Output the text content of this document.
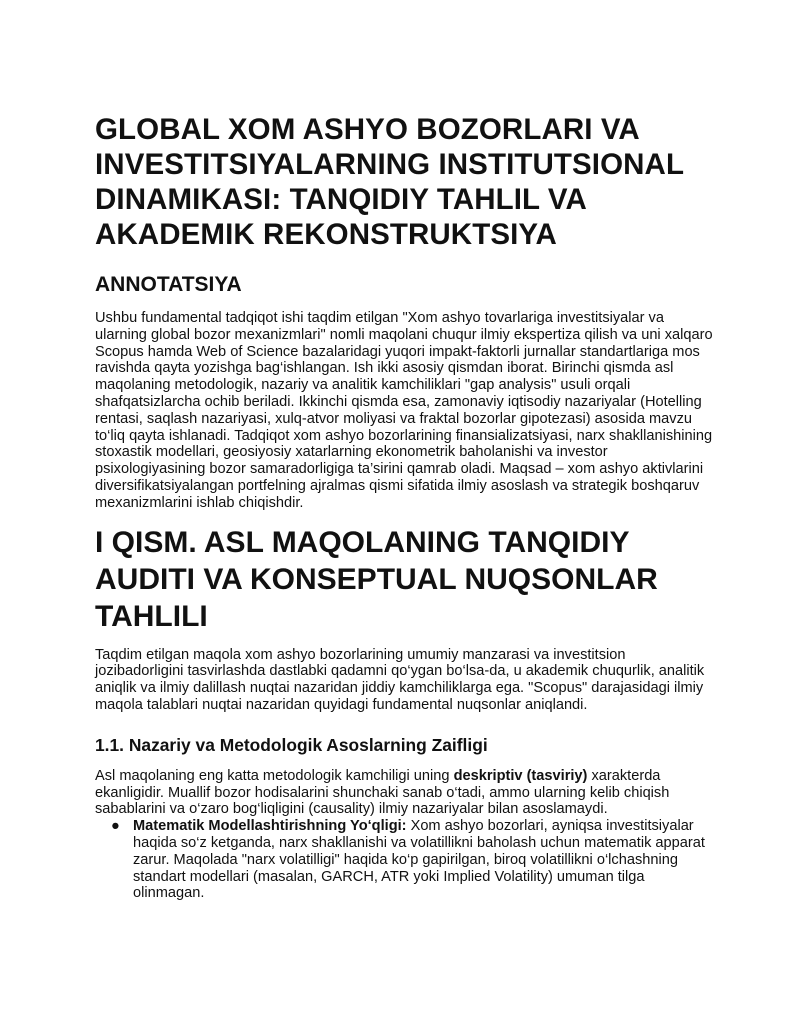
GLOBAL XOM ASHYO BOZORLARI VA INVESTITSIYALARNING INSTITUTSIONAL DINAMIKASI: TANQIDIY TAHLIL VA AKADEMIK REKONSTRUKTSIYA
ANNOTATSIYA

Ushbu fundamental tadqiqot ishi taqdim etilgan "Xom ashyo tovarlariga investitsiyalar va ularning global bozor mexanizmlari" nomli maqolani chuqur ilmiy ekspertiza qilish va uni xalqaro Scopus hamda Web of Science bazalaridagi yuqori impakt-faktorli jurnallar standartlariga mos ravishda qayta yozishga bag‘ishlangan. Ish ikki asosiy qismdan iborat. Birinchi qismda asl maqolaning metodologik, nazariy va analitik kamchiliklari "gap analysis" usuli orqali shafqatsizlarcha ochib beriladi. Ikkinchi qismda esa, zamonaviy iqtisodiy nazariyalar (Hotelling rentasi, saqlash nazariyasi, xulq-atvor moliyasi va fraktal bozorlar gipotezasi) asosida mavzu to‘liq qayta ishlanadi. Tadqiqot xom ashyo bozorlarining finansializatsiyasi, narx shakllanishining stoxastik modellari, geosiyosiy xatarlarning ekonometrik baholanishi va investor psixologiyasining bozor samaradorligiga ta’sirini qamrab oladi. Maqsad – xom ashyo aktivlarini diversifikatsiyalangan portfelning ajralmas qismi sifatida ilmiy asoslash va strategik boshqaruv mexanizmlarini ishlab chiqishdir.

I QISM. ASL MAQOLANING TANQIDIY AUDITI VA KONSEPTUAL NUQSONLAR TAHLILI

Taqdim etilgan maqola xom ashyo bozorlarining umumiy manzarasi va investitsion jozibadorligini tasvirlashda dastlabki qadamni qo‘ygan bo‘lsa-da, u akademik chuqurlik, analitik aniqlik va ilmiy dalillash nuqtai nazaridan jiddiy kamchiliklarga ega. "Scopus" darajasidagi ilmiy maqola talablari nuqtai nazaridan quyidagi fundamental nuqsonlar aniqlandi.

1.1. Nazariy va Metodologik Asoslarning Zaifligi

Asl maqolaning eng katta metodologik kamchiligi uning deskriptiv (tasviriy) xarakterda ekanligidir. Muallif bozor hodisalarini shunchaki sanab o‘tadi, ammo ularning kelib chiqish sabablarini va o‘zaro bog‘liqligini (causality) ilmiy nazariyalar bilan asoslamaydi.

● Matematik Modellashtirishning Yo‘qligi: Xom ashyo bozorlari, ayniqsa investitsiyalar haqida so‘z ketganda, narx shakllanishi va volatillikni baholash uchun matematik apparat zarur. Maqolada "narx volatilligi" haqida ko‘p gapirilgan, biroq volatillikni o‘lchashning standart modellari (masalan, GARCH, ATR yoki Implied Volatility) umuman tilga olinmagan.
